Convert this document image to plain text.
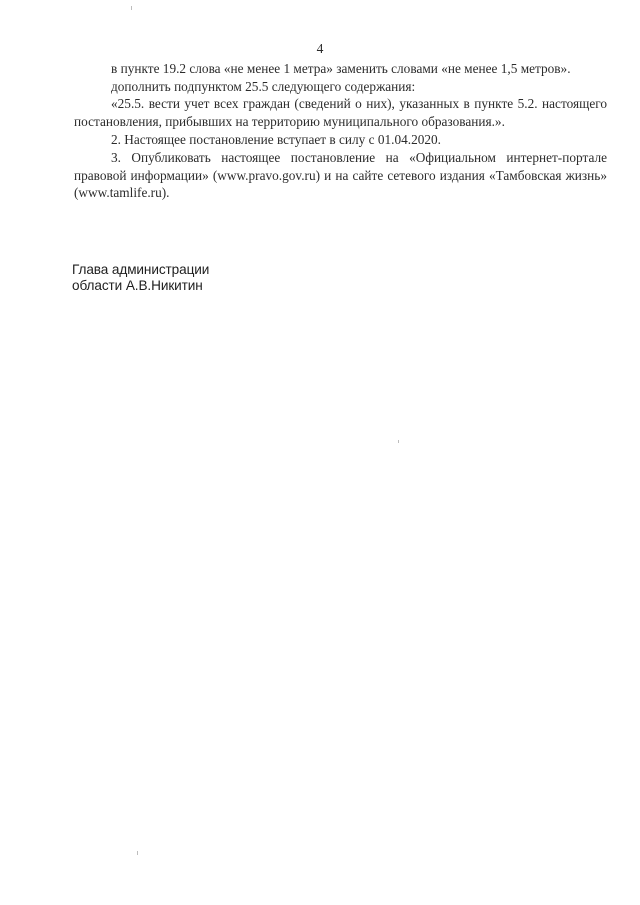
4

в пункте 19.2 слова «не менее 1 метра» заменить словами «не менее 1,5 метров».

дополнить подпунктом 25.5 следующего содержания:

«25.5. вести учет всех граждан (сведений о них), указанных в пункте 5.2. настоящего постановления, прибывших на территорию муниципального образования.».

2. Настоящее постановление вступает в силу с 01.04.2020.

3. Опубликовать настоящее постановление на «Официальном интернет-портале правовой информации» (www.pravo.gov.ru) и на сайте сетевого издания «Тамбовская жизнь» (www.tamlife.ru).

Глава администрации
области А.В.Никитин
